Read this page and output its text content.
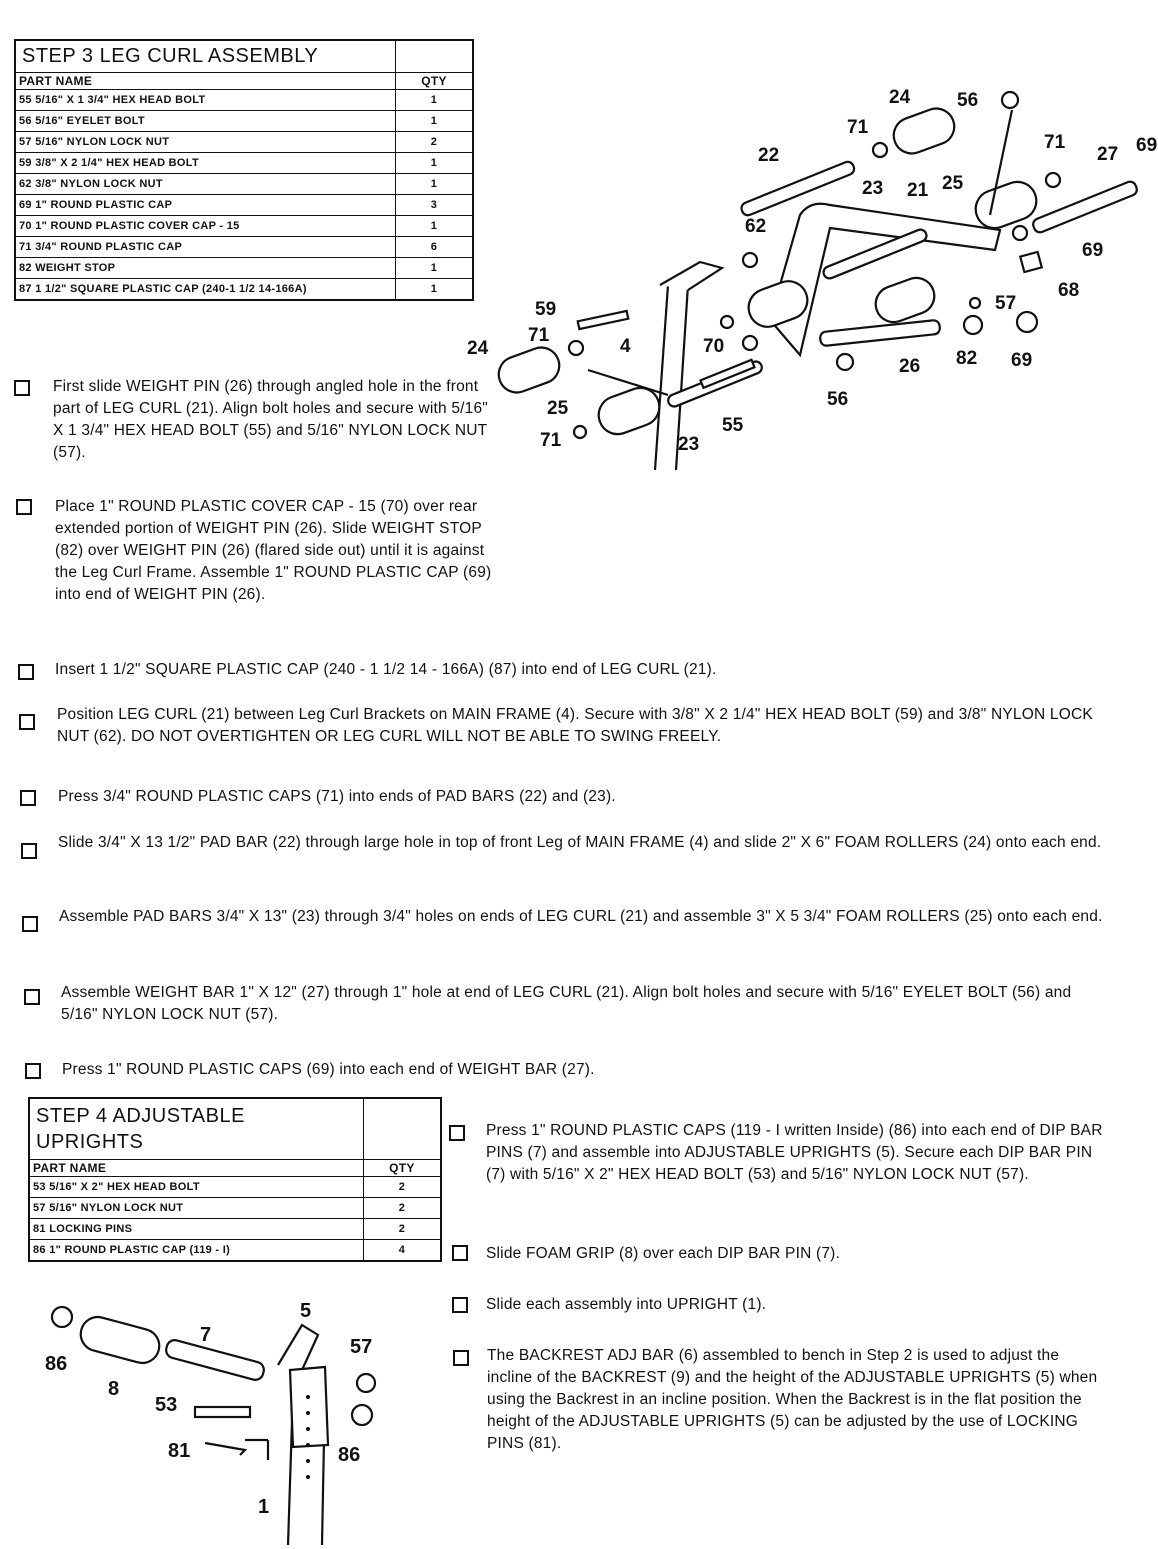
STEP 3 LEG CURL ASSEMBLY	
PART NAME	QTY
55 5/16" X 1 3/4" HEX HEAD BOLT	1
56 5/16" EYELET BOLT	1
57 5/16" NYLON LOCK NUT	2
59 3/8" X 2 1/4" HEX HEAD BOLT	1
62 3/8" NYLON LOCK NUT	1
69 1" ROUND PLASTIC CAP	3
70 1" ROUND PLASTIC COVER CAP - 15	1
71 3/4" ROUND PLASTIC CAP	6
82 WEIGHT STOP	1
87 1 1/2" SQUARE PLASTIC CAP (240-1 1/2 14-166A)	1
24 56
71
71
27 69
22
23 21 25
62
69
68
59	57
71
4	70
82 69
24
26
56
25
55
71	23
First slide WEIGHT PIN (26) through angled hole in the front part of LEG CURL (21). Align bolt holes and secure with 5/16" X 1 3/4" HEX HEAD BOLT (55) and 5/16" NYLON LOCK NUT (57).
Place 1" ROUND PLASTIC COVER CAP - 15 (70) over rear extended portion of WEIGHT PIN (26). Slide WEIGHT STOP (82) over WEIGHT PIN (26) (flared side out) until it is against the Leg Curl Frame. Assemble 1" ROUND PLASTIC CAP (69) into end of WEIGHT PIN (26).
Insert 1 1/2" SQUARE PLASTIC CAP (240 - 1 1/2 14 - 166A) (87) into end of LEG CURL (21).
Position LEG CURL (21) between Leg Curl Brackets on MAIN FRAME (4). Secure with 3/8" X 2 1/4" HEX HEAD BOLT (59) and 3/8" NYLON LOCK NUT (62). DO NOT OVERTIGHTEN OR LEG CURL WILL NOT BE ABLE TO SWING FREELY.
Press 3/4" ROUND PLASTIC CAPS (71) into ends of PAD BARS (22) and (23).
Slide 3/4" X 13 1/2" PAD BAR (22) through large hole in top of front Leg of MAIN FRAME (4) and slide 2" X 6" FOAM ROLLERS (24) onto each end.
Assemble PAD BARS 3/4" X 13" (23) through 3/4" holes on ends of LEG CURL (21) and assemble 3" X 5 3/4" FOAM ROLLERS (25) onto each end.
Assemble WEIGHT BAR 1" X 12" (27) through 1" hole at end of LEG CURL (21). Align bolt holes and secure with 5/16" EYELET BOLT (56) and 5/16" NYLON LOCK NUT (57).
Press 1" ROUND PLASTIC CAPS (69) into each end of WEIGHT BAR (27).
STEP 4 ADJUSTABLE UPRIGHTS	
PART NAME	QTY
53 5/16" X 2" HEX HEAD BOLT	2
57 5/16" NYLON LOCK NUT	2
81 LOCKING PINS	2
86 1" ROUND PLASTIC CAP (119 - I)	4
5
86
7
57
8
53
86
81
1
Press 1" ROUND PLASTIC CAPS (119 - I written Inside) (86) into each end of DIP BAR PINS (7) and assemble into ADJUSTABLE UPRIGHTS (5). Secure each DIP BAR PIN (7) with 5/16" X 2" HEX HEAD BOLT (53) and 5/16" NYLON LOCK NUT (57).
Slide FOAM GRIP (8) over each DIP BAR PIN (7).
Slide each assembly into UPRIGHT (1).
The BACKREST ADJ BAR (6) assembled to bench in Step 2 is used to adjust the incline of the BACKREST (9) and the height of the ADJUSTABLE UPRIGHTS (5) when using the Backrest in an incline position. When the Backrest is in the flat position the height of the ADJUSTABLE UPRIGHTS (5) can be adjusted by the use of LOCKING PINS (81).
